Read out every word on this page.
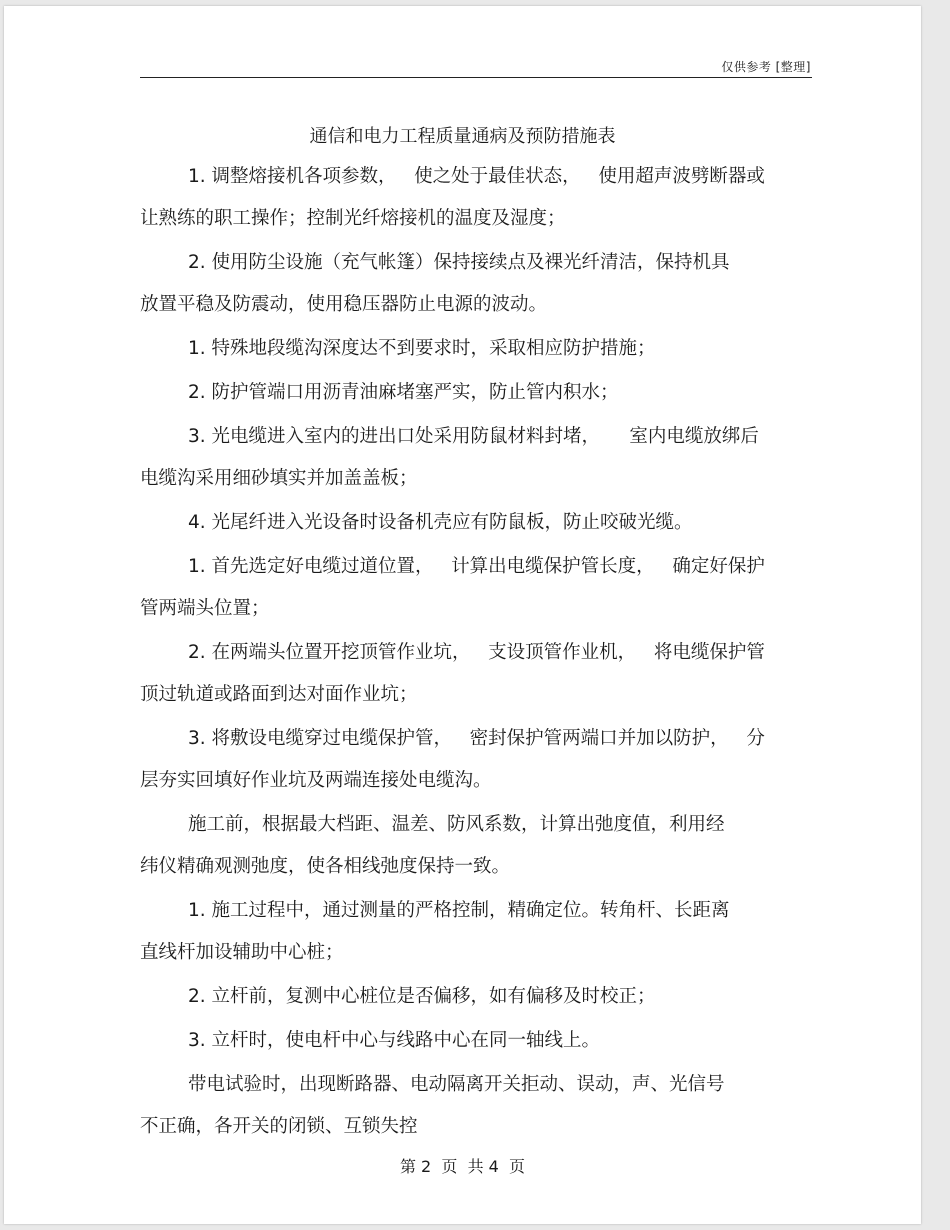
仅供参考 [整理]
通信和电力工程质量通病及预防措施表

1. 调整熔接机各项参数，   使之处于最佳状态，   使用超声波劈断器或
让熟练的职工操作；控制光纤熔接机的温度及湿度；

2. 使用防尘设施（充气帐篷）保持接续点及裸光纤清洁，保持机具
放置平稳及防震动，使用稳压器防止电源的波动。

1. 特殊地段缆沟深度达不到要求时，采取相应防护措施；

2. 防护管端口用沥青油麻堵塞严实，防止管内积水；

3. 光电缆进入室内的进出口处采用防鼠材料封堵，     室内电缆放绑后
电缆沟采用细砂填实并加盖盖板；

4. 光尾纤进入光设备时设备机壳应有防鼠板，防止咬破光缆。

1. 首先选定好电缆过道位置，   计算出电缆保护管长度，   确定好保护
管两端头位置；

2. 在两端头位置开挖顶管作业坑，   支设顶管作业机，   将电缆保护管
顶过轨道或路面到达对面作业坑；

3. 将敷设电缆穿过电缆保护管，   密封保护管两端口并加以防护，   分
层夯实回填好作业坑及两端连接处电缆沟。

施工前，根据最大档距、温差、防风系数，计算出弛度值，利用经
纬仪精确观测弛度，使各相线弛度保持一致。

1. 施工过程中，通过测量的严格控制，精确定位。转角杆、长距离
直线杆加设辅助中心桩；

2. 立杆前，复测中心桩位是否偏移，如有偏移及时校正；

3. 立杆时，使电杆中心与线路中心在同一轴线上。

带电试验时，出现断路器、电动隔离开关拒动、误动，声、光信号
不正确，各开关的闭锁、互锁失控

第 2  页  共 4  页
